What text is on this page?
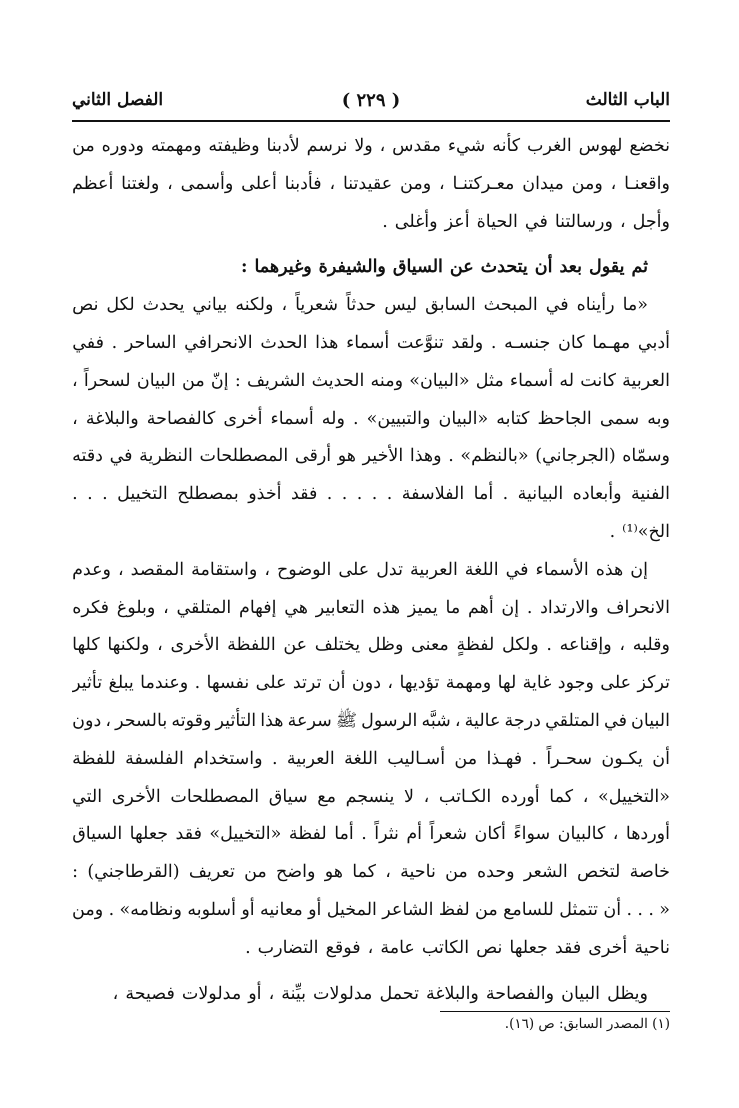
الباب الثالث
( ٢٢٩ )
الفصل الثاني
نخضع
لهوس
الغرب
كأنه
شيء
مقدس
،
ولا
نرسم
لأدبنا
وظيفته
ومهمته
ودوره
من
واقعنـا
،
ومن
ميدان
معـركتنـا
،
ومن
عقيدتنا
،
فأدبنا
أعلى
وأسمى
،
ولغتنا
أعظم
وأجل
،
ورسالتنا
في
الحياة
أعز
وأغلى
.
ثم
يقول
بعد
أن
يتحدث
عن
السياق
والشيفرة
وغيرهما
:
«ما
رأيناه
في
المبحث
السابق
ليس
حدثاً
شعرياً
،
ولكنه
بياني
يحدث
لكل
نص
أدبي
مهـما
كان
جنسـه
.
ولقد
تنوَّعت
أسماء
هذا
الحدث
الانحرافي
الساحر
.
ففي
العربية
كانت
له
أسماء
مثل
«البيان»
ومنه
الحديث
الشريف
:
إنّ
من
البيان
لسحراً
،
وبه
سمى
الجاحظ
كتابه
«البيان
والتبيين»
.
وله
أسماء
أخرى
كالفصاحة
والبلاغة
،
وسمّاه
(الجرجاني)
«بالنظم»
.
وهذا
الأخير
هو
أرقى
المصطلحات
النظرية
في
دقته
الفنية
وأبعاده
البيانية
.
أما
الفلاسفة
.
.
.
.
.
فقد
أخذو
بمصطلح
التخييل
.
.
.
الخ»⁽¹⁾
.
إن
هذه
الأسماء
في
اللغة
العربية
تدل
على
الوضوح
،
واستقامة
المقصد
،
وعدم
الانحراف
والارتداد
.
إن
أهم
ما
يميز
هذه
التعابير
هي
إفهام
المتلقي
،
وبلوغ
فكره
وقلبه
،
وإقناعه
.
ولكل
لفظةٍ
معنى
وظل
يختلف
عن
اللفظة
الأخرى
،
ولكنها
كلها
تركز
على
وجود
غاية
لها
ومهمة
تؤديها
،
دون
أن
ترتد
على
نفسها
.
وعندما
يبلغ
تأثير
البيان
في
المتلقي
درجة
عالية
،
شبَّه
الرسول
ﷺ
سرعة
هذا
التأثير
وقوته
بالسحر
،
دون
أن
يكـون
سحـراً
.
فهـذا
من
أسـاليب
اللغة
العربية
.
واستخدام
الفلسفة
للفظة
«التخييل»
،
كما
أورده
الكـاتب
،
لا
ينسجم
مع
سياق
المصطلحات
الأخرى
التي
أوردها
،
كالبيان
سواءً
أكان
شعراً
أم
نثراً
.
أما
لفظة
«التخييل»
فقد
جعلها
السياق
خاصة
لتخص
الشعر
وحده
من
ناحية
،
كما
هو
واضح
من
تعريف
(القرطاجني)
:
«
.
.
.
أن
تتمثل
للسامع
من
لفظ
الشاعر
المخيل
أو
معانيه
أو
أسلوبه
ونظامه»
.
ومن
ناحية
أخرى
فقد
جعلها
نص
الكاتب
عامة
،
فوقع
التضارب
.
ويظل
البيان
والفصاحة
والبلاغة
تحمل
مدلولات
بيِّنة
،
أو
مدلولات
فصيحة
،
(١) المصدر السابق: ص (١٦).
